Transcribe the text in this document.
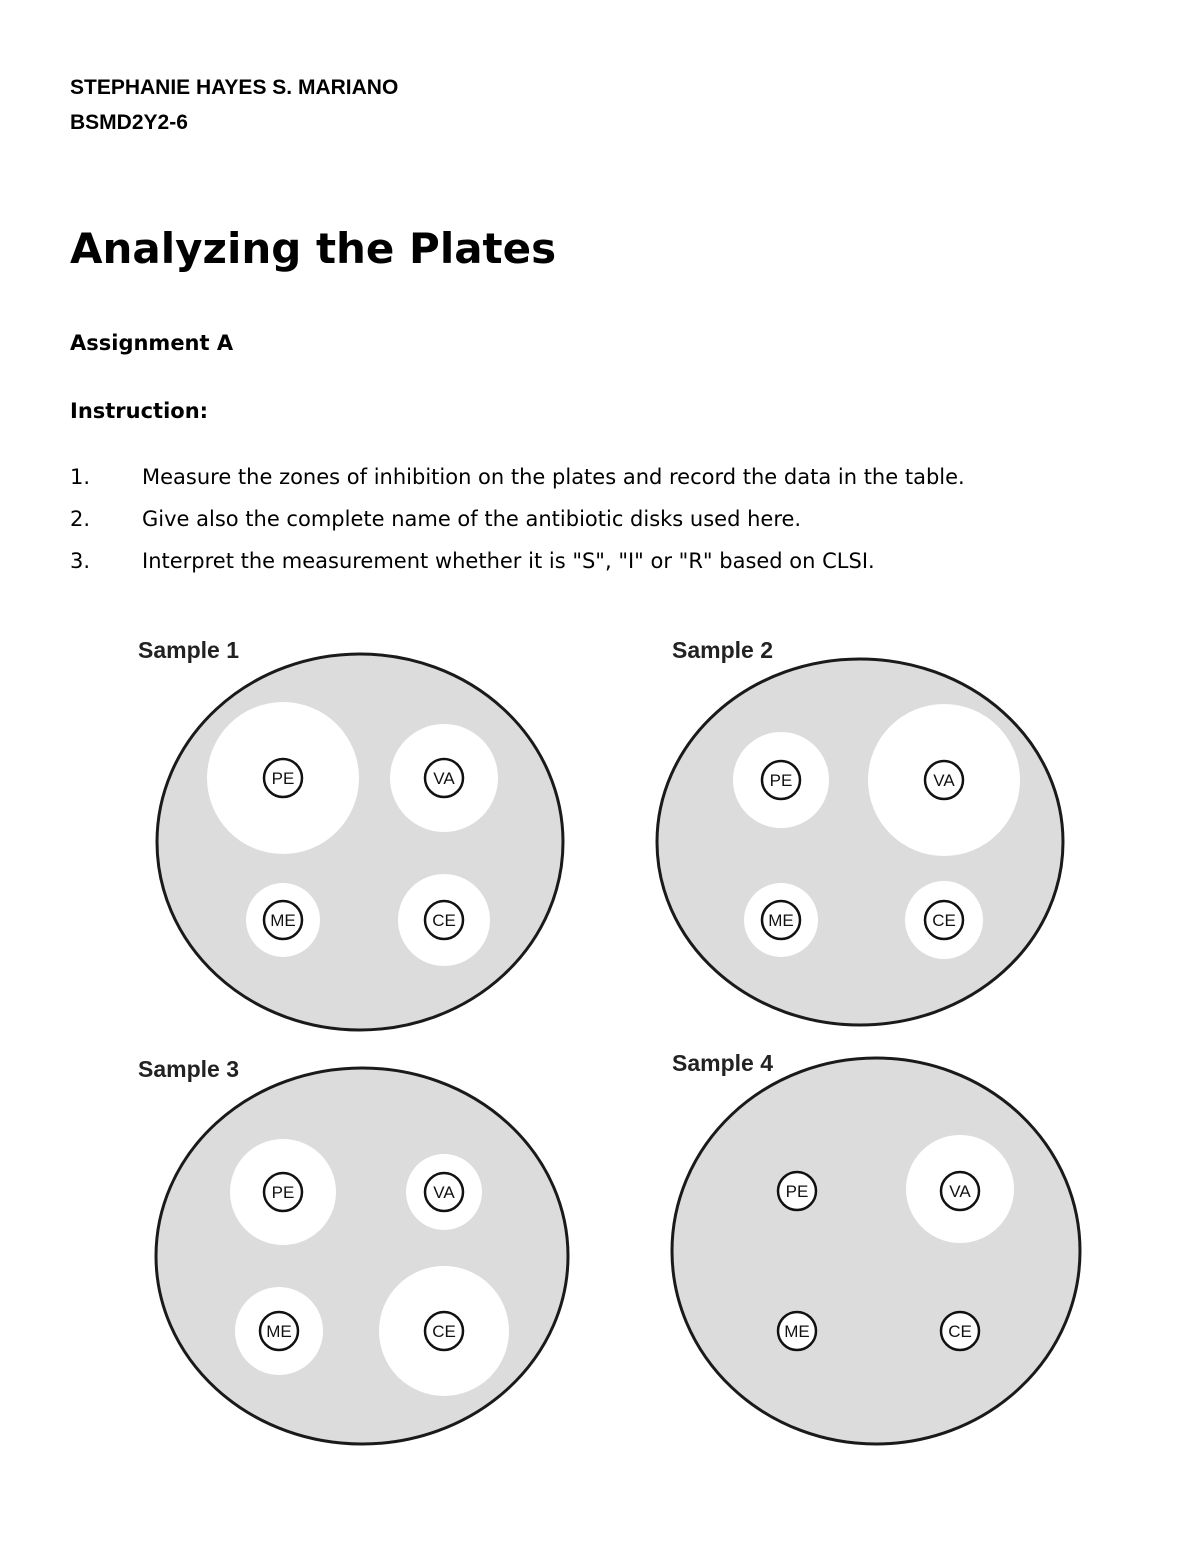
STEPHANIE HAYES S. MARIANO
BSMD2Y2-6
Analyzing the Plates
Assignment A
Instruction:
1.	Measure the zones of inhibition on the plates and record the data in the table.
2.	Give also the complete name of the antibiotic disks used here.
3.	Interpret the measurement whether it is "S", "I" or "R" based on CLSI.
Sample 1
PE	VA
ME	CE
Sample 2
PE	VA
ME	CE
Sample 3
PE	VA
ME	CE
Sample 4
PE	VA
ME	CE
